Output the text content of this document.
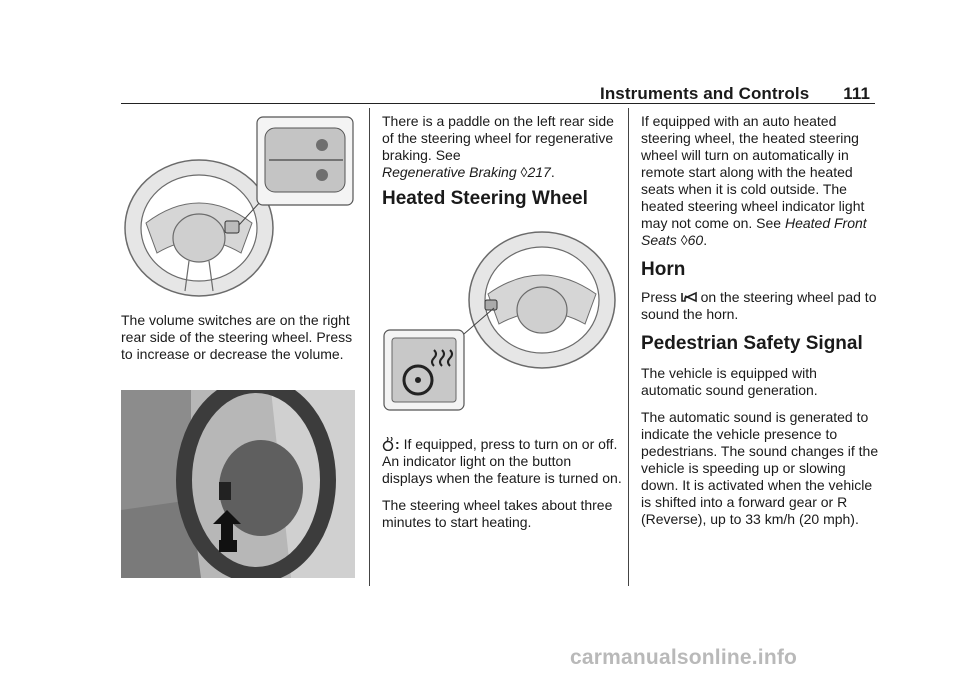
Instruments and Controls 111

The volume switches are on the right rear side of the steering wheel. Press to increase or decrease the volume.

There is a paddle on the left rear side of the steering wheel for regenerative braking. See
Regenerative Braking ◊217.

Heated Steering Wheel

: If equipped, press to turn on or off. An indicator light on the button displays when the feature is turned on.

The steering wheel takes about three minutes to start heating.

If equipped with an auto heated steering wheel, the heated steering wheel will turn on automatically in remote start along with the heated seats when it is cold outside. The heated steering wheel indicator light may not come on. See Heated Front Seats ◊60.

Horn

Press on the steering wheel pad to sound the horn.

Pedestrian Safety Signal

The vehicle is equipped with automatic sound generation.

The automatic sound is generated to indicate the vehicle presence to pedestrians. The sound changes if the vehicle is speeding up or slowing down. It is activated when the vehicle is shifted into a forward gear or R (Reverse), up to 33 km/h (20 mph).

carmanualsonline.info
